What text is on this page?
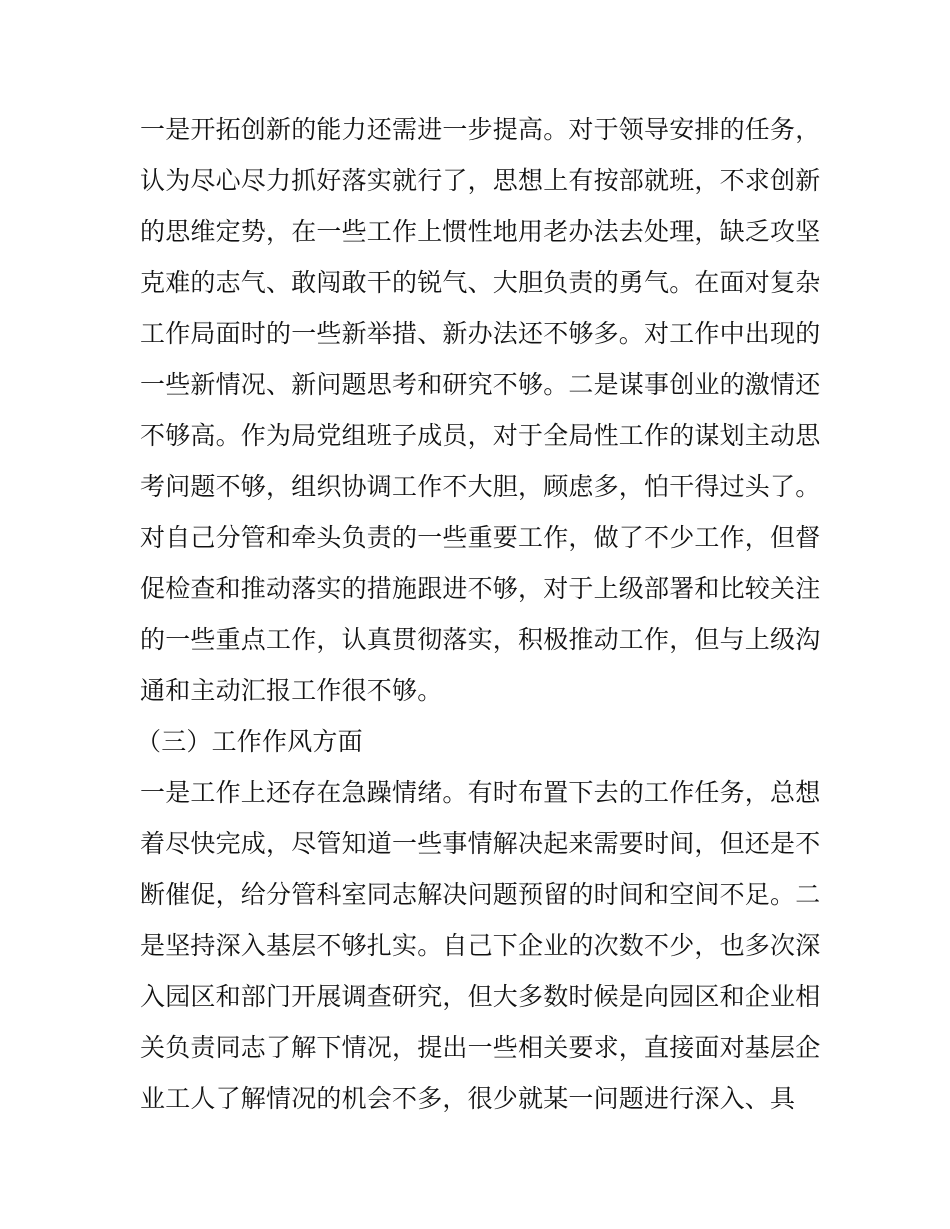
一是开拓创新的能力还需进一步提高。对于领导安排的任务，
认为尽心尽力抓好落实就行了，思想上有按部就班，不求创新
的思维定势，在一些工作上惯性地用老办法去处理，缺乏攻坚
克难的志气、敢闯敢干的锐气、大胆负责的勇气。在面对复杂
工作局面时的一些新举措、新办法还不够多。对工作中出现的
一些新情况、新问题思考和研究不够。二是谋事创业的激情还
不够高。作为局党组班子成员，对于全局性工作的谋划主动思
考问题不够，组织协调工作不大胆，顾虑多，怕干得过头了。
对自己分管和牵头负责的一些重要工作，做了不少工作，但督
促检查和推动落实的措施跟进不够，对于上级部署和比较关注
的一些重点工作，认真贯彻落实，积极推动工作，但与上级沟
通和主动汇报工作很不够。
（三）工作作风方面
一是工作上还存在急躁情绪。有时布置下去的工作任务，总想
着尽快完成，尽管知道一些事情解决起来需要时间，但还是不
断催促，给分管科室同志解决问题预留的时间和空间不足。二
是坚持深入基层不够扎实。自己下企业的次数不少，也多次深
入园区和部门开展调查研究，但大多数时候是向园区和企业相
关负责同志了解下情况，提出一些相关要求，直接面对基层企
业工人了解情况的机会不多，很少就某一问题进行深入、具
